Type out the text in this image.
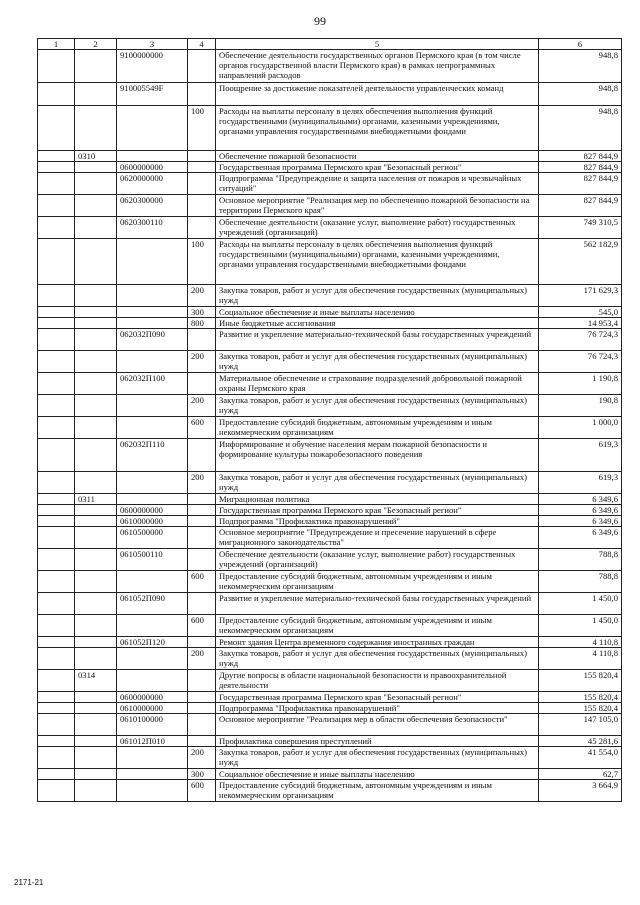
99
1	2	3	4	5	6
		9100000000		Обеспечение деятельности государственных органов Пермского края (в том числе органов государственной власти Пермского края) в рамках непрограммных направлений расходов	948,8
		910005549F		Поощрение за достижение показателей деятельности управленческих команд	948,8
			100	Расходы на выплаты персоналу в целях обеспечения выполнения функций государственными (муниципальными) органами, казенными учреждениями, органами управления государственными внебюджетными фондами	948,8
	0310			Обеспечение пожарной безопасности	827 844,9
		0600000000		Государственная программа Пермского края "Безопасный регион"	827 844,9
		0620000000		Подпрограмма "Предупреждение и защита населения от пожаров и чрезвычайных ситуаций"	827 844,9
		0620300000		Основное мероприятие "Реализация мер по обеспечению пожарной безопасности на территории Пермского края"	827 844,9
		0620300110		Обеспечение деятельности (оказание услуг, выполнение работ) государственных учреждений (организаций)	749 310,5
			100	Расходы на выплаты персоналу в целях обеспечения выполнения функций государственными (муниципальными) органами, казенными учреждениями, органами управления государственными внебюджетными фондами	562 182,9
			200	Закупка товаров, работ и услуг для обеспечения государственных (муниципальных) нужд	171 629,3
			300	Социальное обеспечение и иные выплаты населению	545,0
			800	Иные бюджетные ассигнования	14 953,4
		062032П090		Развитие и укрепление материально-технической базы государственных учреждений	76 724,3
			200	Закупка товаров, работ и услуг для обеспечения государственных (муниципальных) нужд	76 724,3
		062032П100		Материальное обеспечение и страхование подразделений добровольной пожарной охраны Пермского края	1 190,8
			200	Закупка товаров, работ и услуг для обеспечения государственных (муниципальных) нужд	190,8
			600	Предоставление субсидий бюджетным, автономным учреждениям и иным некоммерческим организациям	1 000,0
		062032П110		Информирование и обучение населения мерам пожарной безопасности и формирование культуры пожаробезопасного поведения	619,3
			200	Закупка товаров, работ и услуг для обеспечения государственных (муниципальных) нужд	619,3
	0311			Миграционная политика	6 349,6
		0600000000		Государственная программа Пермского края "Безопасный регион"	6 349,6
		0610000000		Подпрограмма "Профилактика правонарушений"	6 349,6
		0610500000		Основное мероприятие "Предупреждение и пресечение нарушений в сфере миграционного законодательства"	6 349,6
		0610500110		Обеспечение деятельности (оказание услуг, выполнение работ) государственных учреждений (организаций)	788,8
			600	Предоставление субсидий бюджетным, автономным учреждениям и иным некоммерческим организациям	788,8
		061052П090		Развитие и укрепление материально-технической базы государственных учреждений	1 450,0
			600	Предоставление субсидий бюджетным, автономным учреждениям и иным некоммерческим организациям	1 450,0
		061052П120		Ремонт здания Центра временного содержания иностранных граждан	4 110,8
			200	Закупка товаров, работ и услуг для обеспечения государственных (муниципальных) нужд	4 110,8
	0314			Другие вопросы в области национальной безопасности и правоохранительной деятельности	155 820,4
		0600000000		Государственная программа Пермского края "Безопасный регион"	155 820,4
		0610000000		Подпрограмма "Профилактика правонарушений"	155 820,4
		0610100000		Основное мероприятие "Реализация мер в области обеспечения безопасности"	147 105,0
		061012П010		Профилактика совершения преступлений	45 281,6
			200	Закупка товаров, работ и услуг для обеспечения государственных (муниципальных) нужд	41 554,0
			300	Социальное обеспечение и иные выплаты населению	62,7
			600	Предоставление субсидий бюджетным, автономным учреждениям и иным некоммерческим организациям	3 664,9
2171-21
